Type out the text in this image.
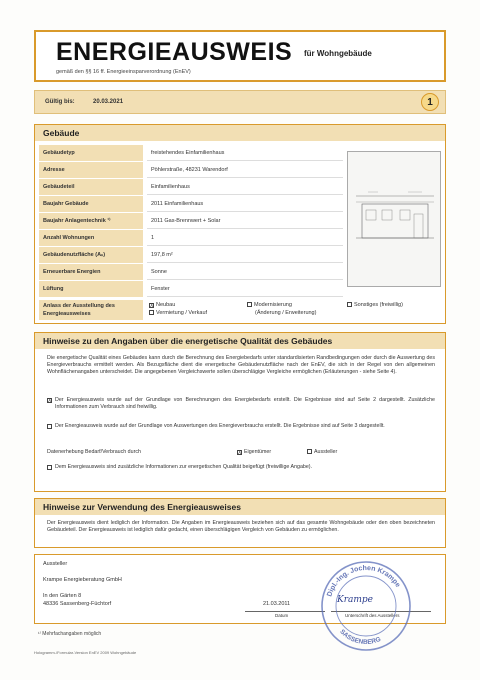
ENERGIEAUSWEIS für Wohngebäude
gemäß den §§ 16 ff. Energieeinsparverordnung (EnEV)
Gültig bis:	20.03.2021	1
Gebäude
Gebäudetyp	freistehendes Einfamilienhaus
Adresse	Pöhlerstraße, 48231 Warendorf
Gebäudeteil	Einfamilienhaus
Baujahr Gebäude	2011 Einfamilienhaus
Baujahr Anlagentechnik ¹⁾	2011 Gas-Brennwert + Solar
Anzahl Wohnungen	1
Gebäudenutzfläche (Aₙ)	197,8 m²
Erneuerbare Energien	Sonne
Lüftung	Fenster
Anlass der Ausstellung des Energieausweises
X Neubau
Vermietung / Verkauf
Modernisierung
(Änderung / Erweiterung)
Sonstiges (freiwillig)
Hinweise zu den Angaben über die energetische Qualität des Gebäudes
Die energetische Qualität eines Gebäudes kann durch die Berechnung des Energiebedarfs unter standardisierten Randbedingungen oder durch die Auswertung des Energieverbrauchs ermittelt werden. Als Bezugsfläche dient die energetische Gebäudenutzfläche nach der EnEV, die sich in der Regel von den allgemeinen Wohnflächenangaben unterscheidet. Die angegebenen Vergleichswerte sollen überschlägige Vergleiche ermöglichen (Erläuterungen - siehe Seite 4).
X Der Energieausweis wurde auf der Grundlage von Berechnungen des Energiebedarfs erstellt. Die Ergebnisse sind auf Seite 2 dargestellt. Zusätzliche Informationen zum Verbrauch sind freiwillig.
Der Energieausweis wurde auf der Grundlage von Auswertungen des Energieverbrauchs erstellt. Die Ergebnisse sind auf Seite 3 dargestellt.
Datenerhebung Bedarf/Verbrauch durch	X Eigentümer	Aussteller
Dem Energieausweis sind zusätzliche Informationen zur energetischen Qualität beigefügt (freiwillige Angabe).
Hinweise zur Verwendung des Energieausweises
Der Energieausweis dient lediglich der Information. Die Angaben im Energieausweis beziehen sich auf das gesamte Wohngebäude oder den oben bezeichneten Gebäudeteil. Der Energieausweis ist lediglich dafür gedacht, einen überschlägigen Vergleich von Gebäuden zu ermöglichen.
Aussteller
Krampe Energieberatung GmbH
In den Gärten 8
48336 Sassenberg-Füchtorf	21.03.2011
Datum
Krampe
Unterschrift des Ausstellers
Dipl.-Ing. Jochen Krampe
SASSENBERG
¹⁾ Mehrfachangaben möglich
Hologramm-/Formular-Version EnEV 2009 Wohngebäude
